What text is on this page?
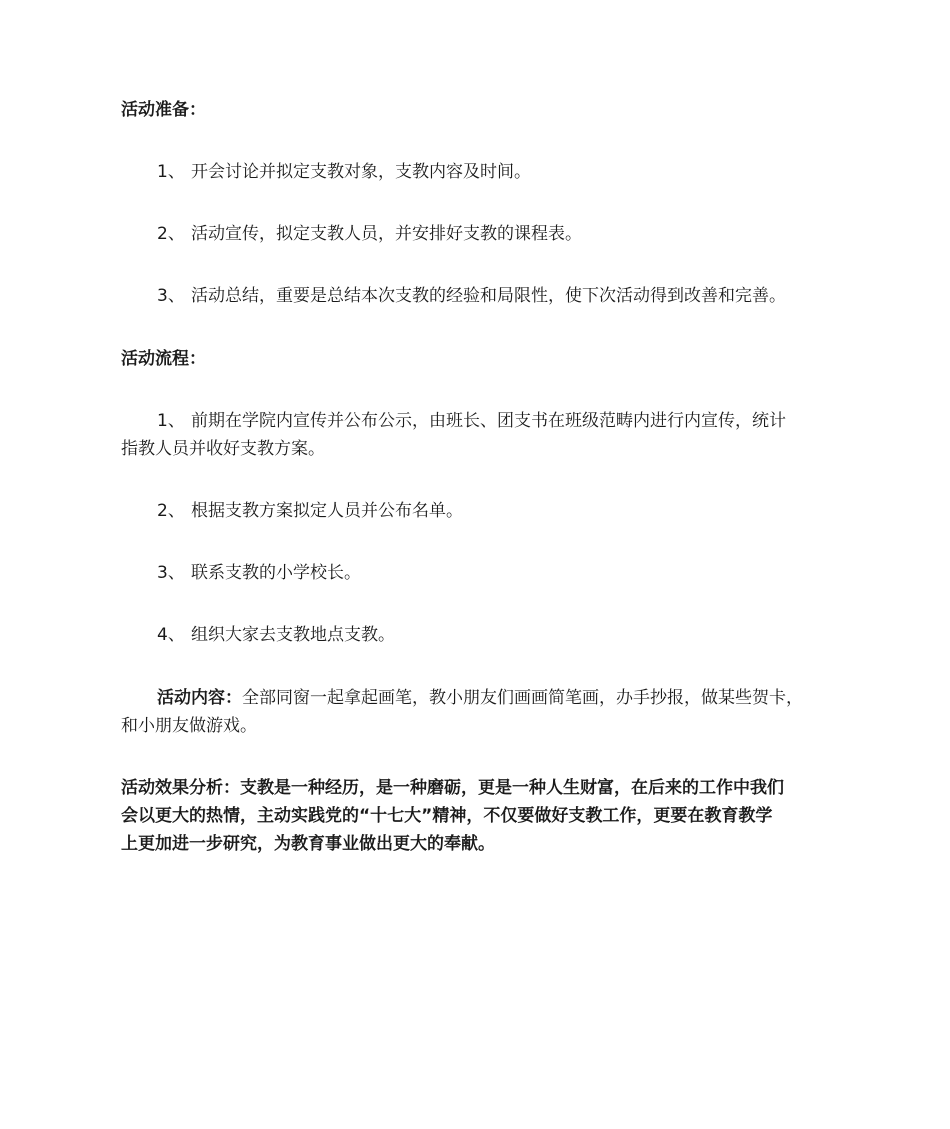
活动准备：
1、 开会讨论并拟定支教对象，支教内容及时间。
2、 活动宣传，拟定支教人员，并安排好支教的课程表。
3、 活动总结，重要是总结本次支教的经验和局限性，使下次活动得到改善和完善。
活动流程：
1、 前期在学院内宣传并公布公示，由班长、团支书在班级范畴内进行内宣传，统计
指教人员并收好支教方案。
2、 根据支教方案拟定人员并公布名单。
3、 联系支教的小学校长。
4、 组织大家去支教地点支教。
活动内容：全部同窗一起拿起画笔，教小朋友们画画简笔画，办手抄报，做某些贺卡，
和小朋友做游戏。
活动效果分析：支教是一种经历，是一种磨砺，更是一种人生财富，在后来的工作中我们
会以更大的热情，主动实践党的“十七大”精神，不仅要做好支教工作，更要在教育教学
上更加进一步研究，为教育事业做出更大的奉献。
